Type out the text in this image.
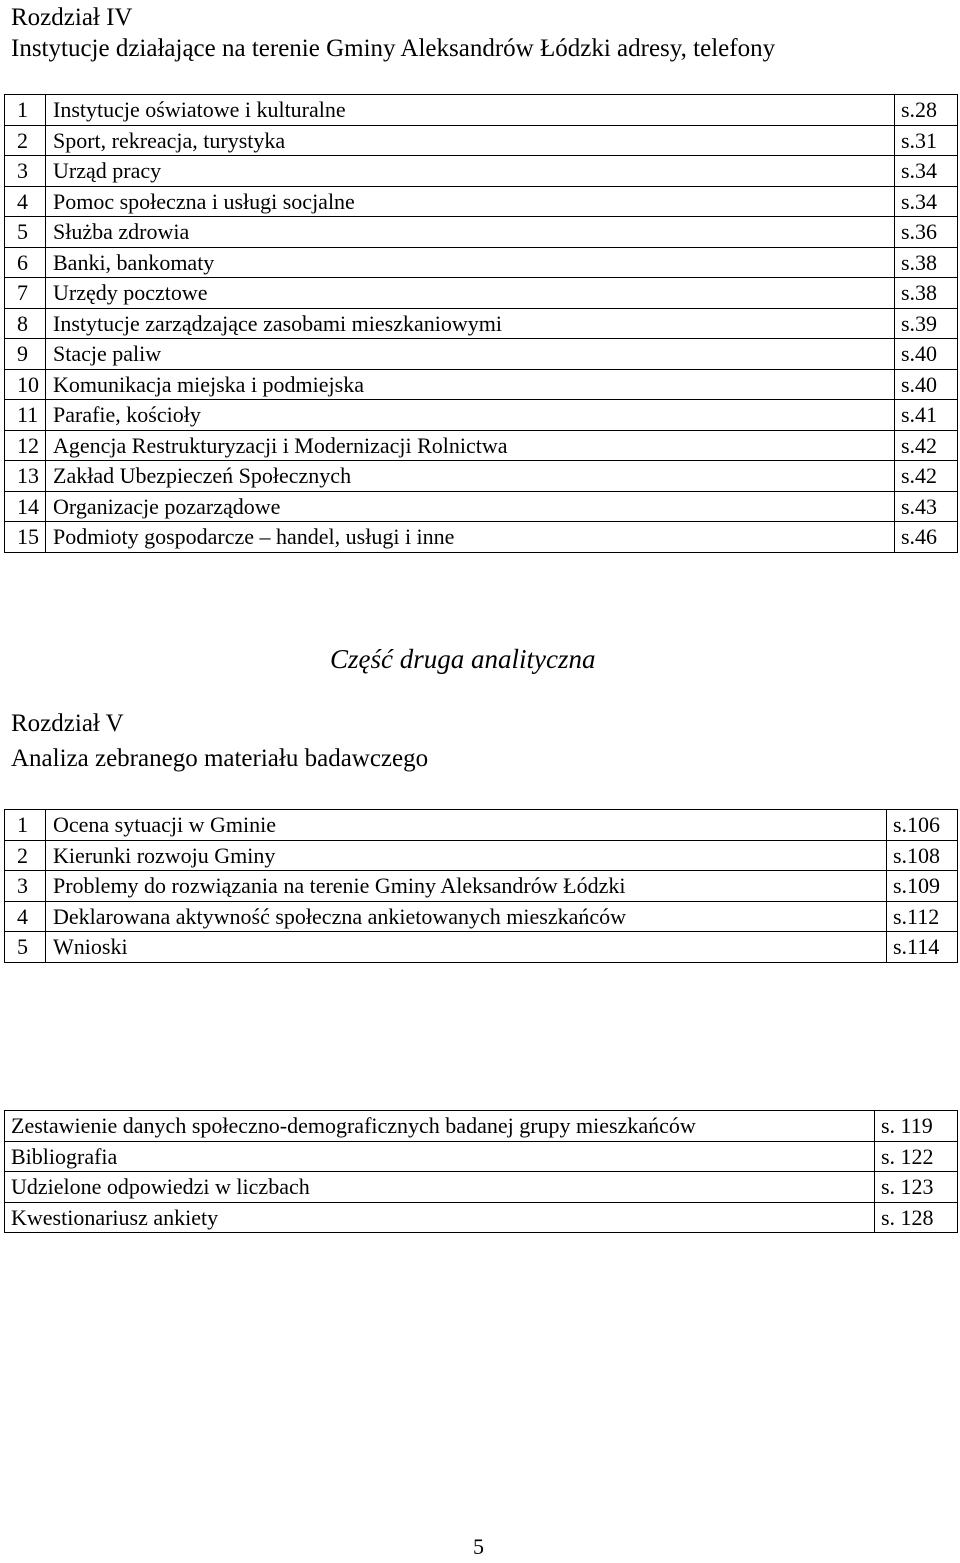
Rozdział IV
Instytucje działające na terenie Gminy Aleksandrów Łódzki adresy, telefony
1	Instytucje oświatowe i kulturalne	s.28
2	Sport, rekreacja, turystyka	s.31
3	Urząd pracy	s.34
4	Pomoc społeczna i usługi socjalne	s.34
5	Służba zdrowia	s.36
6	Banki, bankomaty	s.38
7	Urzędy pocztowe	s.38
8	Instytucje zarządzające zasobami mieszkaniowymi	s.39
9	Stacje paliw	s.40
10	Komunikacja miejska i podmiejska	s.40
11	Parafie, kościoły	s.41
12	Agencja Restrukturyzacji i Modernizacji Rolnictwa	s.42
13	Zakład Ubezpieczeń Społecznych	s.42
14	Organizacje pozarządowe	s.43
15	Podmioty gospodarcze – handel, usługi i inne	s.46
Część druga analityczna
Rozdział V
Analiza zebranego materiału badawczego
1	Ocena sytuacji w Gminie	s.106
2	Kierunki rozwoju Gminy	s.108
3	Problemy do rozwiązania na terenie Gminy Aleksandrów Łódzki	s.109
4	Deklarowana aktywność społeczna ankietowanych mieszkańców	s.112
5	Wnioski	s.114
Zestawienie danych społeczno-demograficznych badanej grupy mieszkańców	s. 119
Bibliografia	s. 122
Udzielone odpowiedzi w liczbach	s. 123
Kwestionariusz ankiety	s. 128
5
